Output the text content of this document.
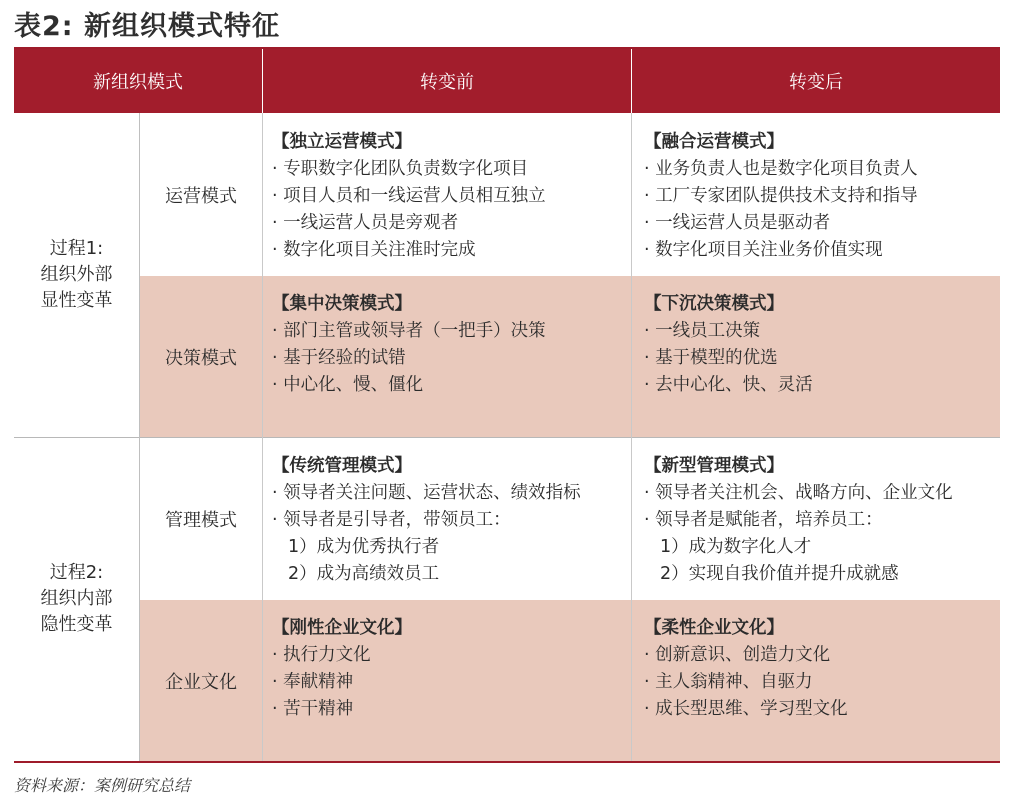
表2: 新组织模式特征
新组织模式	转变前	转变后
过程1:
组织外部
显性变革
过程2:
组织内部
隐性变革
运营模式
决策模式
管理模式
企业文化
【 独立运营模式 】
· 专职数字化团队负责数字化项目
· 项目人员和一线运营人员相互独立
· 一线运营人员是旁观者
· 数字化项目关注准时完成
【 融合运营模式 】
· 业务负责人也是数字化项目负责人
· 工厂专家团队提供技术支持和指导
· 一线运营人员是驱动者
· 数字化项目关注业务价值实现
【 集中决策模式 】
· 部门主管或领导者（一把手）决策
· 基于经验的试错
· 中心化、慢、僵化
【 下沉决策模式 】
· 一线员工决策
· 基于模型的优选
· 去中心化、快、灵活
【 传统管理模式 】
· 领导者关注问题、运营状态、绩效指标
· 领导者是引导者，带领员工：
1）成为优秀执行者
2）成为高绩效员工
【 新型管理模式 】
· 领导者关注机会、战略方向、企业文化
· 领导者是赋能者，培养员工：
1）成为数字化人才
2）实现自我价值并提升成就感
【 刚性企业文化 】
· 执行力文化
· 奉献精神
· 苦干精神
【 柔性企业文化 】
· 创新意识、创造力文化
· 主人翁精神、自驱力
· 成长型思维、学习型文化
资料来源：案例研究总结
